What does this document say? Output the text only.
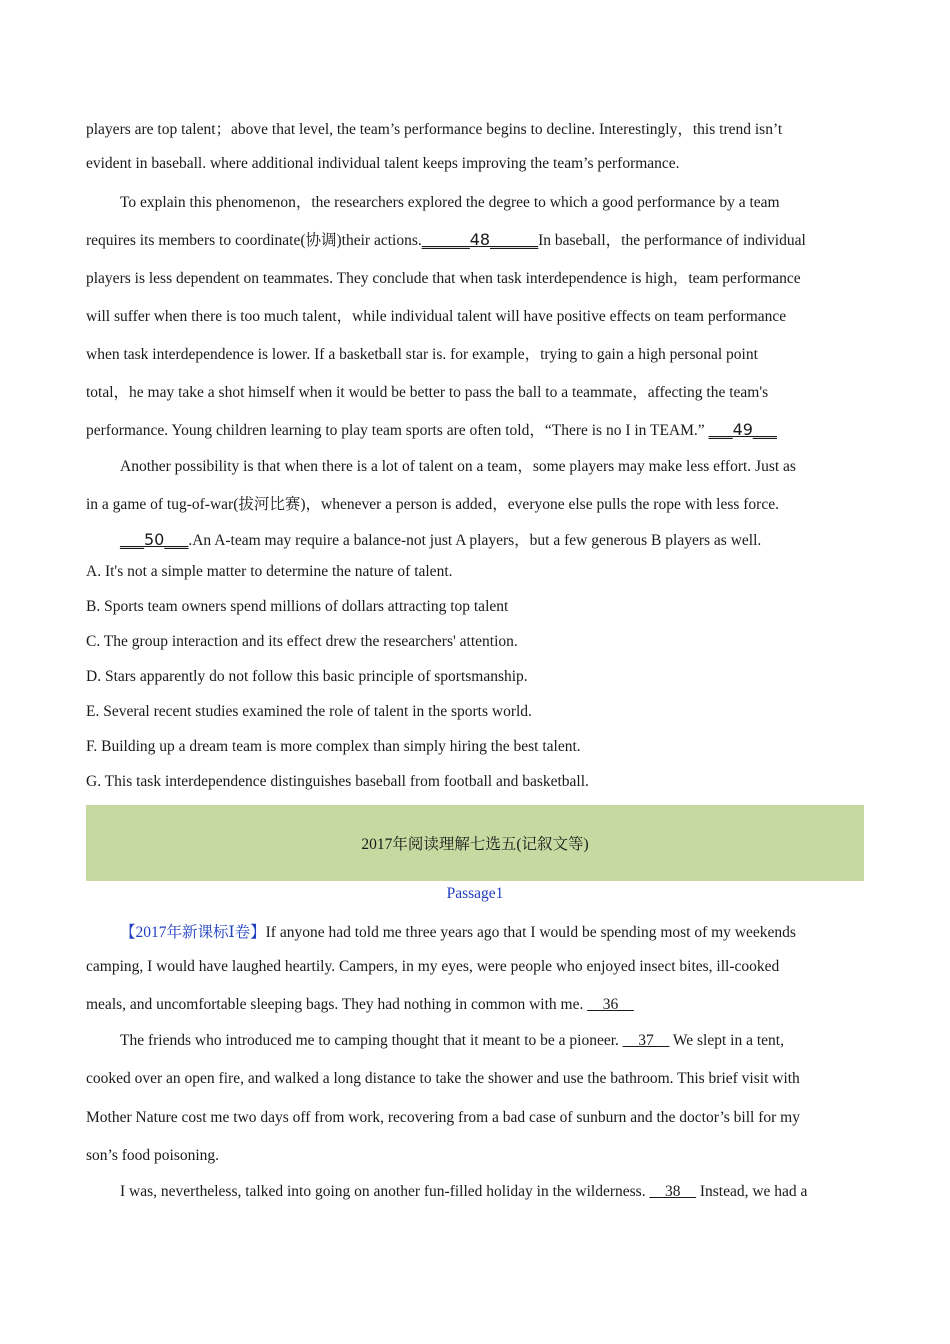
players are top talent；above that level, the team’s performance begins to decline. Interestingly，this trend isn’t
evident in baseball. where additional individual talent keeps improving the team’s performance.
To explain this phenomenon，the researchers explored the degree to which a good performance by a team
requires its members to coordinate(协调)their actions.______48______In baseball，the performance of individual
players is less dependent on teammates. They conclude that when task interdependence is high，team performance
will suffer when there is too much talent，while individual talent will have positive effects on team performance
when task interdependence is lower. If a basketball star is. for example，trying to gain a high personal point
total，he may take a shot himself when it would be better to pass the ball to a teammate，affecting the team's
performance. Young children learning to play team sports are often told，“There is no I in TEAM.” ___49___
Another possibility is that when there is a lot of talent on a team，some players may make less effort. Just as
in a game of tug-of-war(拔河比赛)，whenever a person is added，everyone else pulls the rope with less force.
___50___.An A-team may require a balance-not just A players，but a few generous B players as well.
A. It's not a simple matter to determine the nature of talent.
B. Sports team owners spend millions of dollars attracting top talent
C. The group interaction and its effect drew the researchers' attention.
D. Stars apparently do not follow this basic principle of sportsmanship.
E. Several recent studies examined the role of talent in the sports world.
F. Building up a dream team is more complex than simply hiring the best talent.
G. This task interdependence distinguishes baseball from football and basketball.
2017年阅读理解七选五(记叙文等)
Passage1
【2017年新课标Ⅰ卷】If anyone had told me three years ago that I would be spending most of my weekends
camping, I would have laughed heartily. Campers, in my eyes, were people who enjoyed insect bites, ill-cooked
meals, and uncomfortable sleeping bags. They had nothing in common with me. __36__
The friends who introduced me to camping thought that it meant to be a pioneer. __37__ We slept in a tent,
cooked over an open fire, and walked a long distance to take the shower and use the bathroom. This brief visit with
Mother Nature cost me two days off from work, recovering from a bad case of sunburn and the doctor’s bill for my
son’s food poisoning.
I was, nevertheless, talked into going on another fun-filled holiday in the wilderness. __38__ Instead, we had a
